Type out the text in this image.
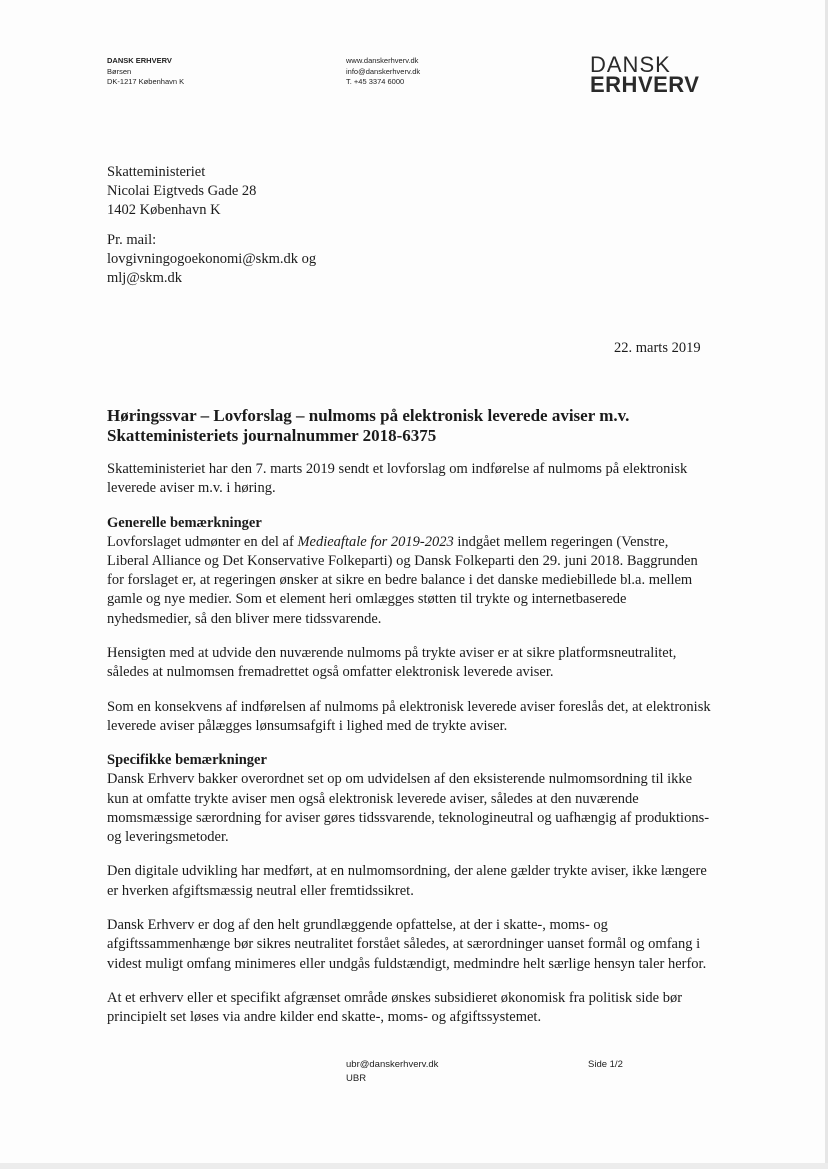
DANSK ERHVERV
Børsen
DK-1217 København K
www.danskerhverv.dk
info@danskerhverv.dk
T. +45 3374 6000
DANSK
ERHVERV
Skatteministeriet
Nicolai Eigtveds Gade 28
1402 København K
Pr. mail:
lovgivningogoekonomi@skm.dk og
mlj@skm.dk
22. marts 2019
Høringssvar – Lovforslag – nulmoms på elektronisk leverede aviser m.v.
Skatteministeriets journalnummer 2018-6375

Skatteministeriet har den 7. marts 2019 sendt et lovforslag om indførelse af nulmoms på elektronisk leverede aviser m.v. i høring.

Generelle bemærkninger
Lovforslaget udmønter en del af Medieaftale for 2019-2023 indgået mellem regeringen (Venstre, Liberal Alliance og Det Konservative Folkeparti) og Dansk Folkeparti den 29. juni 2018. Baggrunden for forslaget er, at regeringen ønsker at sikre en bedre balance i det danske mediebillede bl.a. mellem gamle og nye medier. Som et element heri omlægges støtten til trykte og internetbaserede nyhedsmedier, så den bliver mere tidssvarende.

Hensigten med at udvide den nuværende nulmoms på trykte aviser er at sikre platformsneutralitet, således at nulmomsen fremadrettet også omfatter elektronisk leverede aviser.

Som en konsekvens af indførelsen af nulmoms på elektronisk leverede aviser foreslås det, at elektronisk leverede aviser pålægges lønsumsafgift i lighed med de trykte aviser.

Specifikke bemærkninger
Dansk Erhverv bakker overordnet set op om udvidelsen af den eksisterende nulmomsordning til ikke kun at omfatte trykte aviser men også elektronisk leverede aviser, således at den nuværende momsmæssige særordning for aviser gøres tidssvarende, teknologineutral og uafhængig af produktions- og leveringsmetoder.

Den digitale udvikling har medført, at en nulmomsordning, der alene gælder trykte aviser, ikke længere er hverken afgiftsmæssig neutral eller fremtidssikret.

Dansk Erhverv er dog af den helt grundlæggende opfattelse, at der i skatte-, moms- og afgiftssammenhænge bør sikres neutralitet forstået således, at særordninger uanset formål og omfang i videst muligt omfang minimeres eller undgås fuldstændigt, medmindre helt særlige hensyn taler herfor.

At et erhverv eller et specifikt afgrænset område ønskes subsidieret økonomisk fra politisk side bør principielt set løses via andre kilder end skatte-, moms- og afgiftssystemet.

ubr@danskerhverv.dk
UBR
Side 1/2
